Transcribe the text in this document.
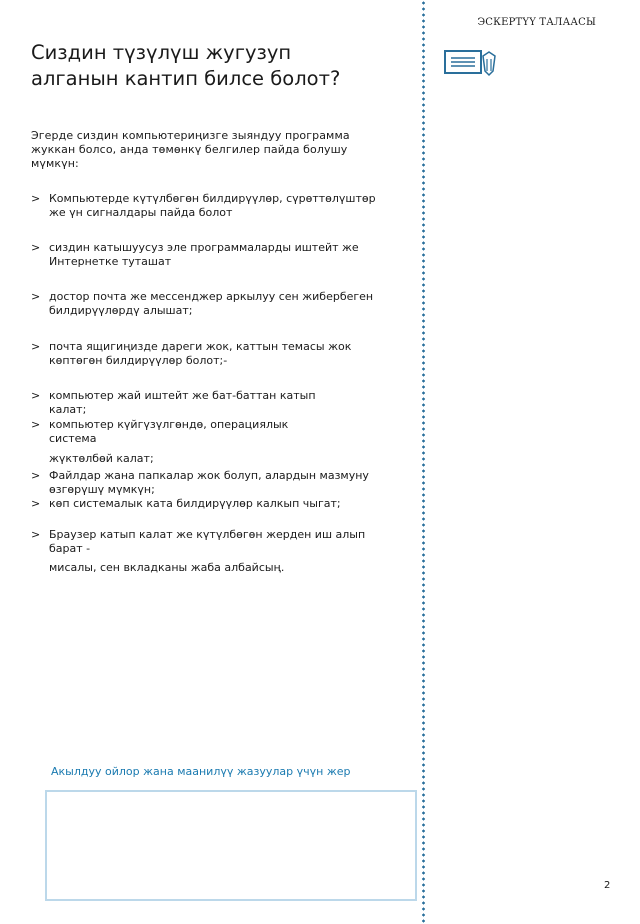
Сиздин түзүлүш жугузуп
алганын кантип билсе болот?

Эгерде сиздин компьютериңизге зыяндуу программа жуккан болсо, анда төмөнкү белгилер пайда болушу мүмкүн:

> Компьютерде күтүлбөгөн билдирүүлөр, сүрөттөлүштөр
же үн сигналдары пайда болот
> сиздин катышуусуз эле программаларды иштейт же
Интернетке туташат
> достор почта же мессенджер аркылуу сен жибербеген
билдирүүлөрдү алышат;
> почта ящигиңизде дареги жок, каттын темасы жок
көптөгөн билдирүүлөр болот;-
> компьютер жай иштейт же бат-баттан катып
калат;
> компьютер күйгүзүлгөндө, операциялык
система
жүктөлбөй калат;
> Файлдар жана папкалар жок болуп, алардын мазмуну
өзгөрүшү мүмкүн;
> көп системалык ката билдирүүлөр калкып чыгат;
> Браузер катып калат же күтүлбөгөн жерден иш алып
барат -
мисалы, сен вкладканы жаба албайсың.
ЭСКЕРТҮҮ ТАЛААСЫ
Акылдуу ойлор жана маанилүү жазуулар үчүн жер
2
